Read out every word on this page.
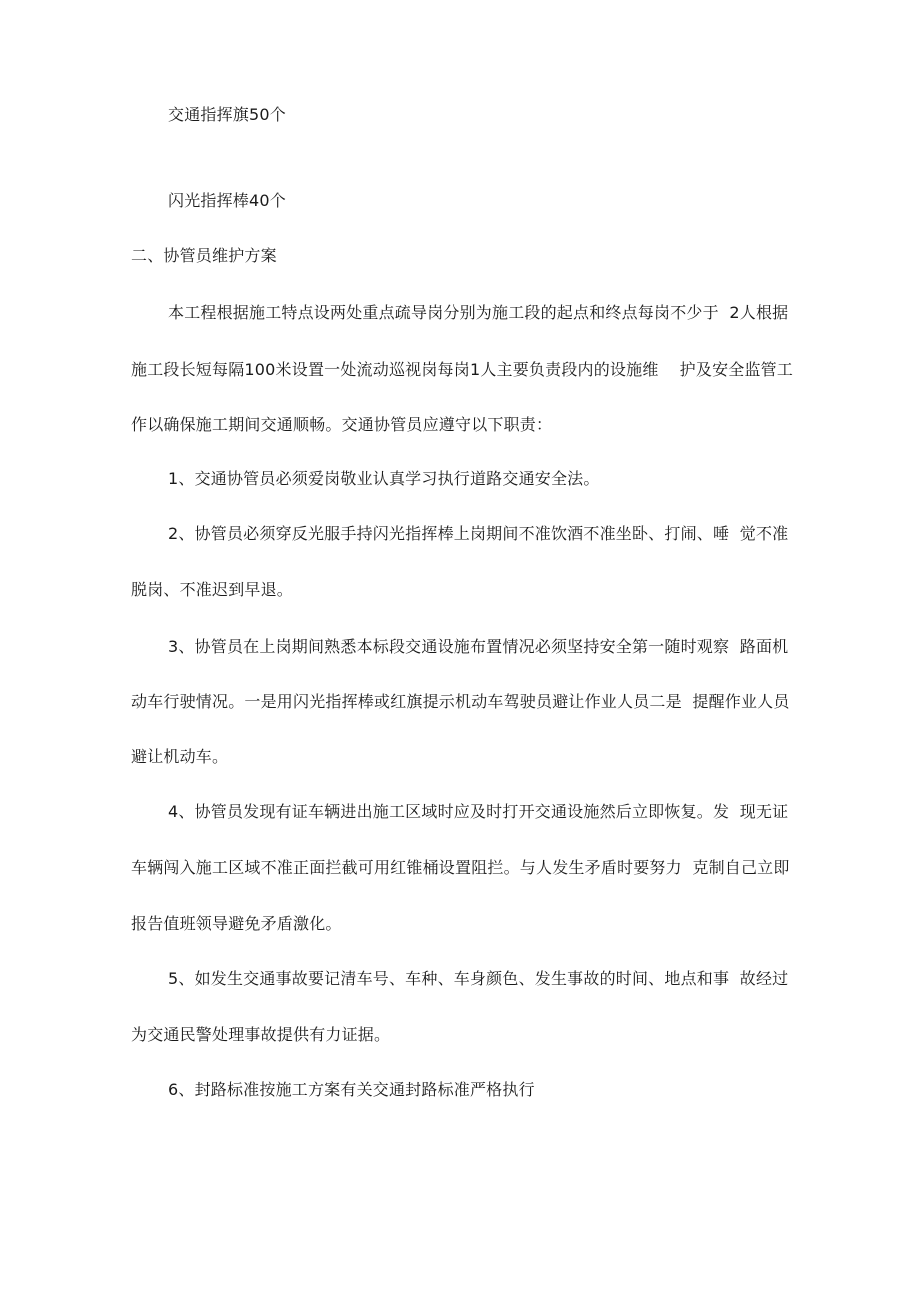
交通指挥旗50个
闪光指挥棒40个
二、协管员维护方案
本工程根据施工特点设两处重点疏导岗分别为施工段的起点和终点每岗不少于  2人根据
施工段长短每隔100米设置一处流动巡视岗每岗1人主要负责段内的设施维    护及安全监管工
作以确保施工期间交通顺畅。交通协管员应遵守以下职责：
1、交通协管员必须爱岗敬业认真学习执行道路交通安全法。
2、协管员必须穿反光服手持闪光指挥棒上岗期间不准饮酒不准坐卧、打闹、唾  觉不准
脱岗、不准迟到早退。
3、协管员在上岗期间熟悉本标段交通设施布置情况必须坚持安全第一随时观察  路面机
动车行驶情况。一是用闪光指挥棒或红旗提示机动车驾驶员避让作业人员二是  提醒作业人员
避让机动车。
4、协管员发现有证车辆进出施工区域时应及时打开交通设施然后立即恢复。发  现无证
车辆闯入施工区域不准正面拦截可用红锥桶设置阻拦。与人发生矛盾时要努力  克制自己立即
报告值班领导避免矛盾激化。
5、如发生交通事故要记清车号、车种、车身颜色、发生事故的时间、地点和事  故经过
为交通民警处理事故提供有力证据。
6、封路标准按施工方案有关交通封路标准严格执行
